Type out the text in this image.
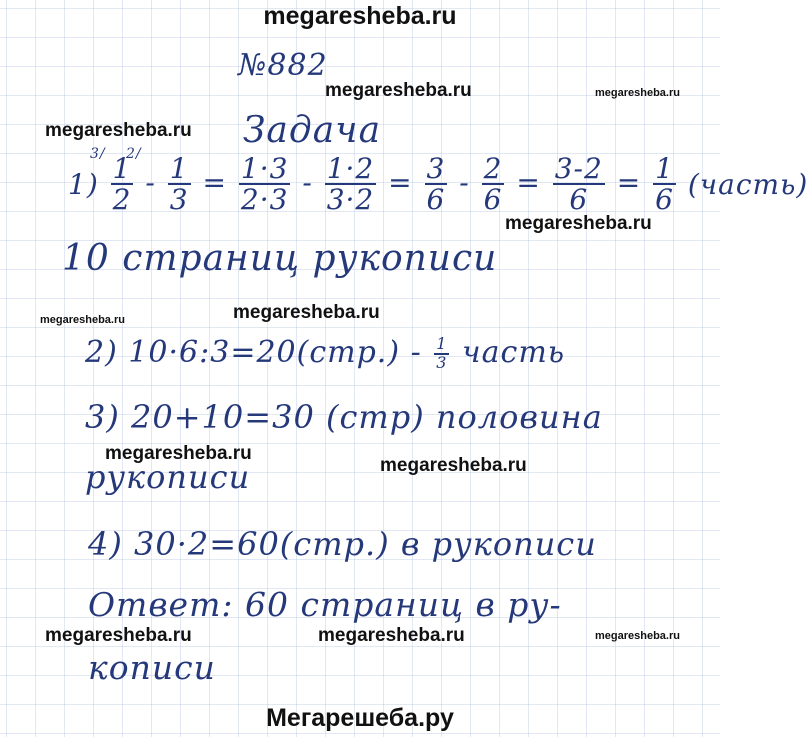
megaresheba.ru
megaresheba.ru	megaresheba.ru
megaresheba.ru
megaresheba.ru
megaresheba.ru
megaresheba.ru
megaresheba.ru
megaresheba.ru
megaresheba.ru	megaresheba.ru	megaresheba.ru
№882
Задача
3/ 2/
$1) \frac{1}{2} - \frac{1}{3} = \frac{1\cdot 3}{2\cdot 3} - \frac{1\cdot 2}{3\cdot 2} = \frac{3}{6} - \frac{2}{6} = \frac{3-2}{6} = \frac{1}{6}$ (часть)
10 страниц рукописи
2) 10·6:3=20(стр.) - $\frac{1}{3}$ часть
3) 20+10=30 (стр) половина
рукописи
4) 30·2=60(стр.) в рукописи
Ответ: 60 страниц в ру-
кописи
Мегарешеба.ру
